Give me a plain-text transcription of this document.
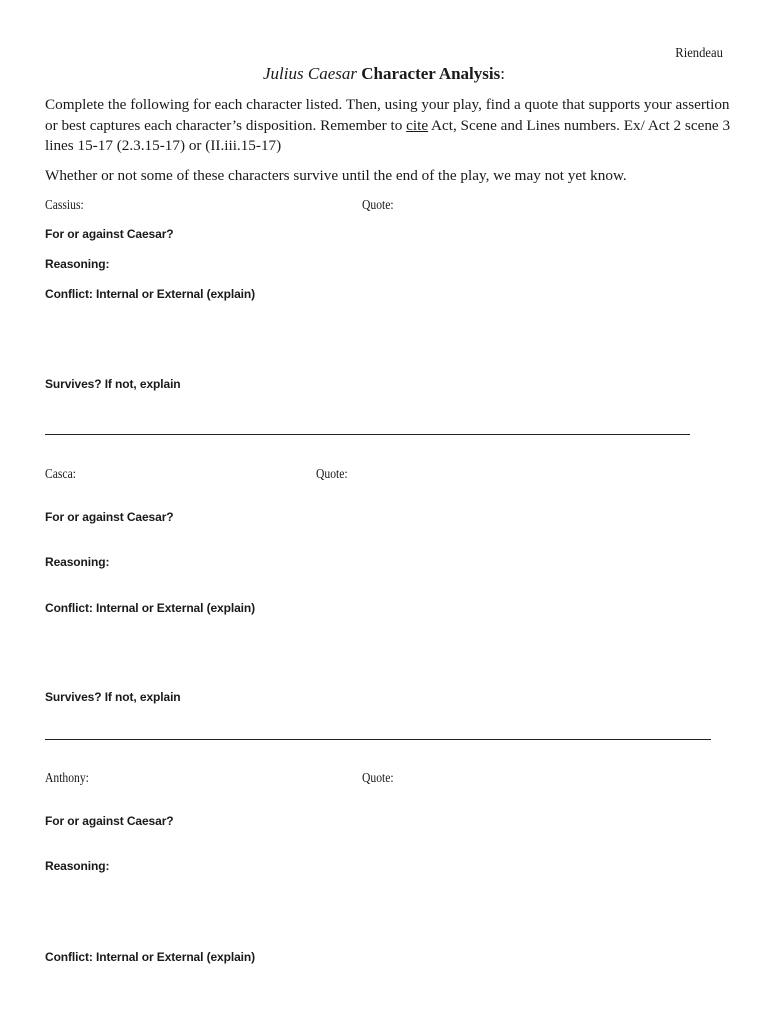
Riendeau
Julius Caesar Character Analysis:
Complete the following for each character listed. Then, using your play, find a quote that supports your assertion or best captures each character’s disposition. Remember to cite Act, Scene and Lines numbers. Ex/ Act 2 scene 3 lines 15-17 (2.3.15-17) or (II.iii.15-17)
Whether or not some of these characters survive until the end of the play, we may not yet know.
Cassius:	Quote:
For or against Caesar?
Reasoning:
Conflict: Internal or External (explain)
Survives? If not, explain
Casca:	Quote:
For or against Caesar?
Reasoning:
Conflict: Internal or External (explain)
Survives? If not, explain
Anthony:	Quote:
For or against Caesar?
Reasoning:
Conflict: Internal or External (explain)
